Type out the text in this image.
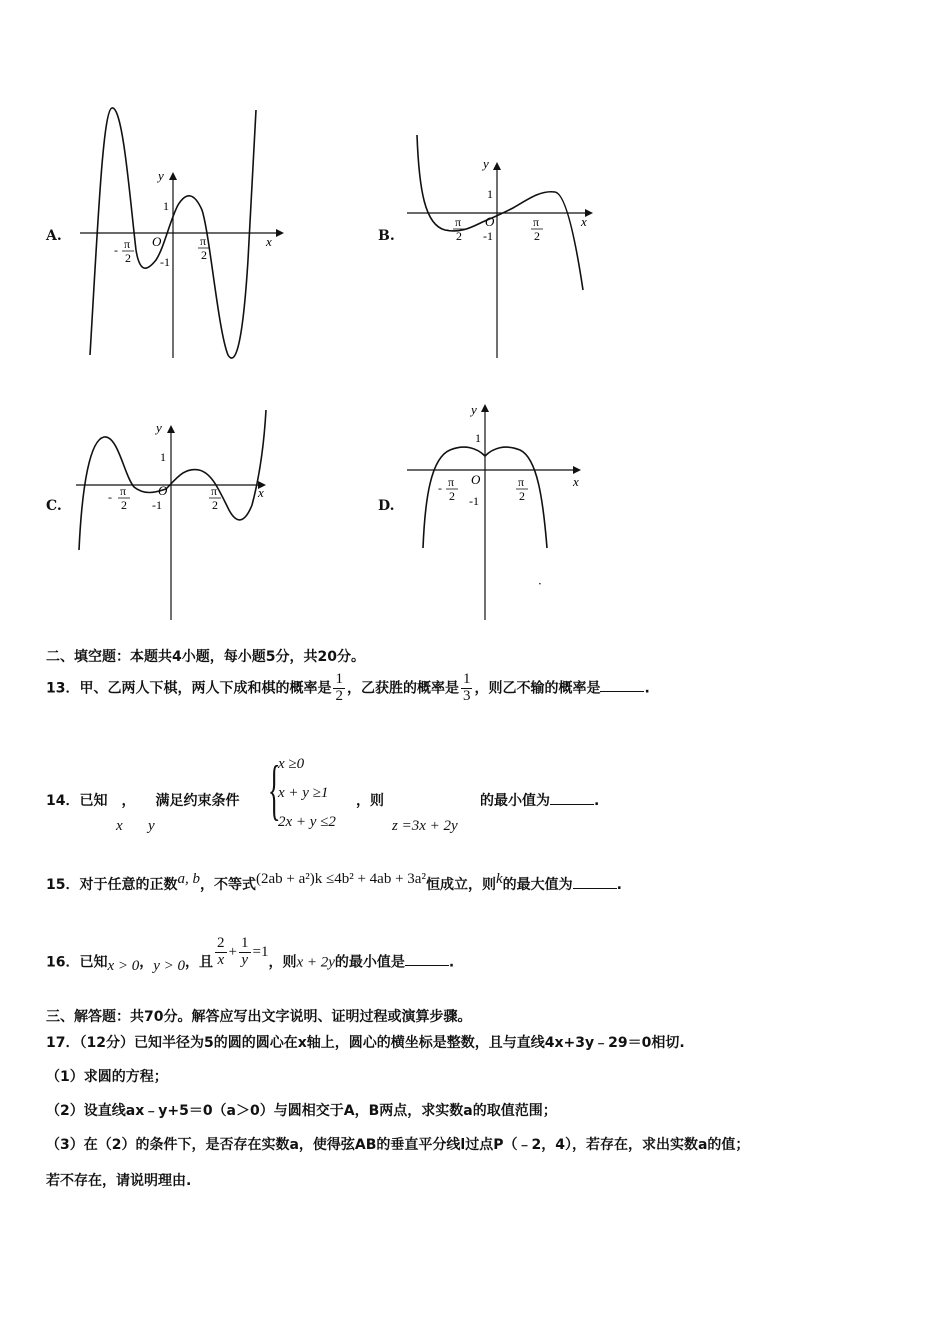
A.
y
x
O
1
-1
- π
2
π
2
B.
y
x
O
1
-1
- π
2
π
2
C.
y
x
O
1
-1
- π
2
π
2	D.
y
x
O
1
-1
- π
2
π
2
·
二、填空题：本题共4小题，每小题5分，共20分。
13．甲、乙两人下棋，两人下成和棋的概率是 $\frac{1}{2}$ ，乙获胜的概率是 $\frac{1}{3}$ ，则乙不输的概率是	.
14．已知 ， 满足约束条件 {
x ≥0
x + y ≥1
2x + y ≤2
，则	的最小值为	.
x y	z =3x + 2y
15．对于任意的正数a, b，不等式(2ab + a²)k ≤4b² + 4ab + 3a²恒成立，则k的最大值为	.
16．已知x > 0，y > 0，且 $\frac{2}{x} + \frac{1}{y} =1$，则x + 2y的最小值是	.
三、解答题：共70分。解答应写出文字说明、证明过程或演算步骤。
17．（12分）已知半径为5的圆的圆心在x轴上，圆心的横坐标是整数，且与直线4x+3y﹣29＝0相切.
（1）求圆的方程；
（2）设直线ax﹣y+5＝0（a＞0）与圆相交于A，B两点，求实数a的取值范围；
（3）在（2）的条件下，是否存在实数a，使得弦AB的垂直平分线l过点P（﹣2，4），若存在，求出实数a的值；
若不存在，请说明理由.
